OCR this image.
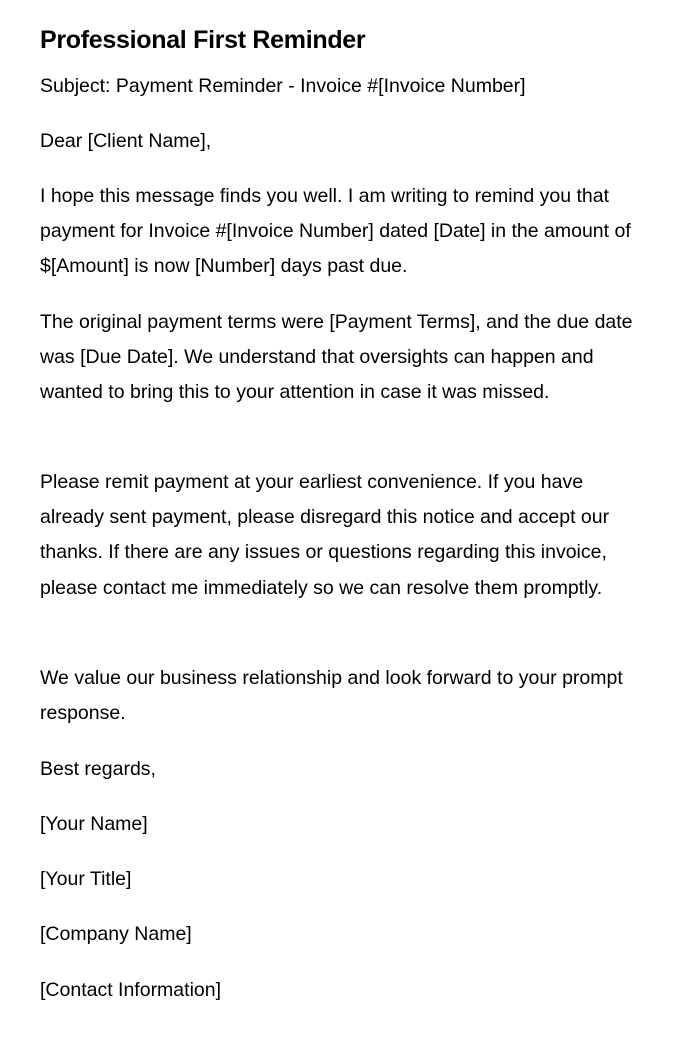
Professional First Reminder

Subject: Payment Reminder - Invoice #[Invoice Number]

Dear [Client Name],

I hope this message finds you well. I am writing to remind you that payment for Invoice #[Invoice Number] dated [Date] in the amount of $[Amount] is now [Number] days past due.

The original payment terms were [Payment Terms], and the due date was [Due Date]. We understand that oversights can happen and wanted to bring this to your attention in case it was missed.

Please remit payment at your earliest convenience. If you have already sent payment, please disregard this notice and accept our thanks. If there are any issues or questions regarding this invoice, please contact me immediately so we can resolve them promptly.

We value our business relationship and look forward to your prompt response.

Best regards,

[Your Name]

[Your Title]

[Company Name]

[Contact Information]
